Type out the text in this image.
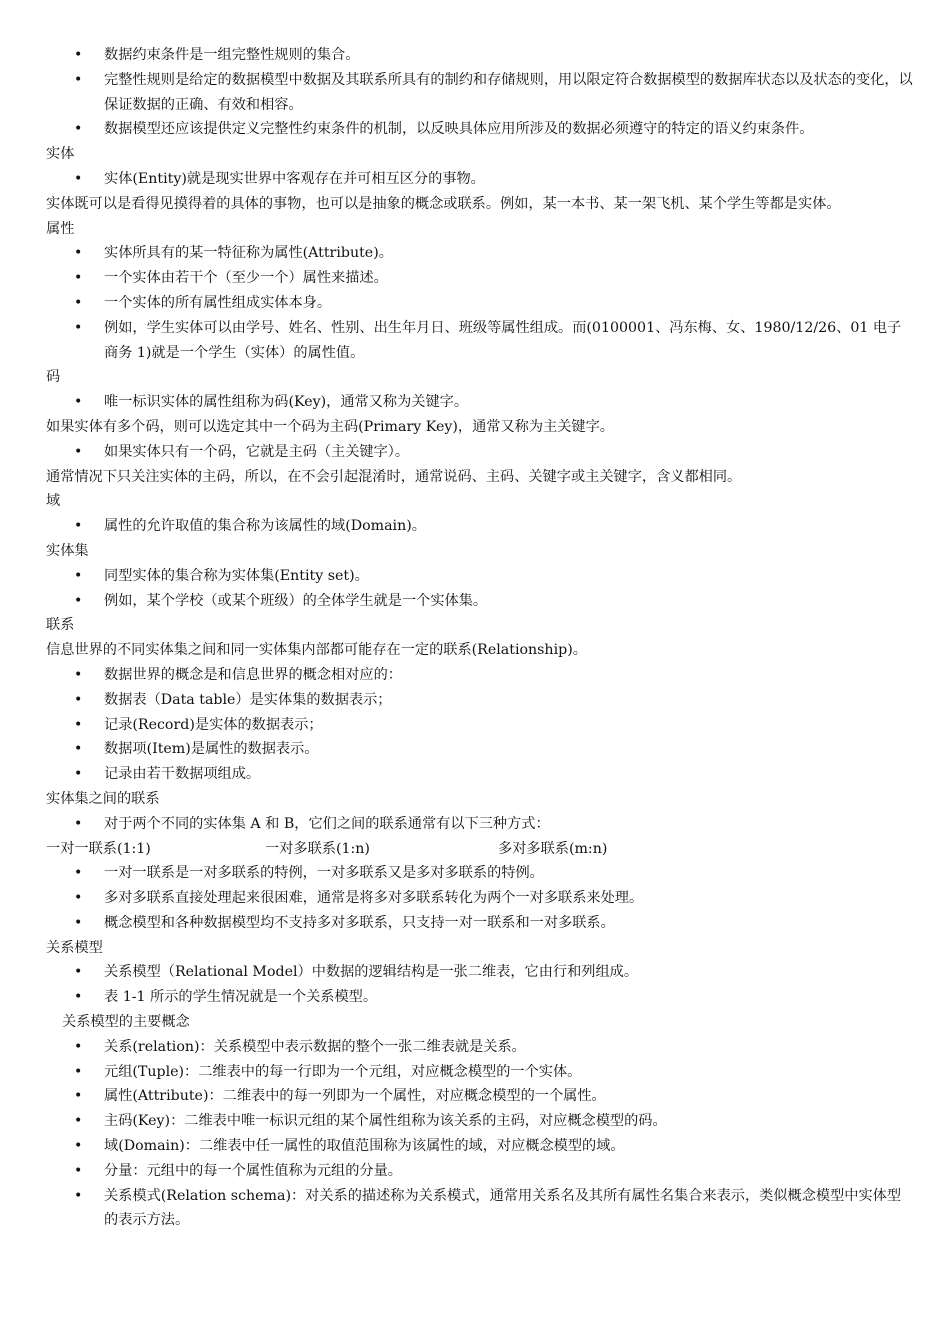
• 数据约束条件是一组完整性规则的集合。

• 完整性规则是给定的数据模型中数据及其联系所具有的制约和存储规则，用以限定符合数据模型的数据库状态以及状态的变化，以保证数据的正确、有效和相容。

• 数据模型还应该提供定义完整性约束条件的机制，以反映具体应用所涉及的数据必须遵守的特定的语义约束条件。

实体

• 实体(Entity)就是现实世界中客观存在并可相互区分的事物。

实体既可以是看得见摸得着的具体的事物，也可以是抽象的概念或联系。例如，某一本书、某一架飞机、某个学生等都是实体。

属性

• 实体所具有的某一特征称为属性(Attribute)。

• 一个实体由若干个（至少一个）属性来描述。

• 一个实体的所有属性组成实体本身。

• 例如，学生实体可以由学号、姓名、性别、出生年月日、班级等属性组成。而(0100001、冯东梅、女、1980/12/26、01 电子商务 1)就是一个学生（实体）的属性值。

码

• 唯一标识实体的属性组称为码(Key)，通常又称为关键字。

如果实体有多个码，则可以选定其中一个码为主码(Primary Key)，通常又称为主关键字。

• 如果实体只有一个码，它就是主码（主关键字）。

通常情况下只关注实体的主码，所以，在不会引起混淆时，通常说码、主码、关键字或主关键字，含义都相同。

域

• 属性的允许取值的集合称为该属性的域(Domain)。

实体集

• 同型实体的集合称为实体集(Entity set)。

• 例如，某个学校（或某个班级）的全体学生就是一个实体集。

联系

信息世界的不同实体集之间和同一实体集内部都可能存在一定的联系(Relationship)。

• 数据世界的概念是和信息世界的概念相对应的：

• 数据表（Data table）是实体集的数据表示；

• 记录(Record)是实体的数据表示；

• 数据项(Item)是属性的数据表示。

• 记录由若干数据项组成。

实体集之间的联系

• 对于两个不同的实体集 A 和 B，它们之间的联系通常有以下三种方式：

一对一联系(1:1)	一对多联系(1:n)	多对多联系(m:n)

• 一对一联系是一对多联系的特例，一对多联系又是多对多联系的特例。

• 多对多联系直接处理起来很困难，通常是将多对多联系转化为两个一对多联系来处理。

• 概念模型和各种数据模型均不支持多对多联系，只支持一对一联系和一对多联系。

关系模型

• 关系模型（Relational Model）中数据的逻辑结构是一张二维表，它由行和列组成。

• 表 1-1 所示的学生情况就是一个关系模型。

关系模型的主要概念

• 关系(relation)：关系模型中表示数据的整个一张二维表就是关系。

• 元组(Tuple)：二维表中的每一行即为一个元组，对应概念模型的一个实体。

• 属性(Attribute)：二维表中的每一列即为一个属性，对应概念模型的一个属性。

• 主码(Key)：二维表中唯一标识元组的某个属性组称为该关系的主码，对应概念模型的码。

• 域(Domain)：二维表中任一属性的取值范围称为该属性的域，对应概念模型的域。

• 分量：元组中的每一个属性值称为元组的分量。

• 关系模式(Relation schema)：对关系的描述称为关系模式，通常用关系名及其所有属性名集合来表示，类似概念模型中实体型的表示方法。
